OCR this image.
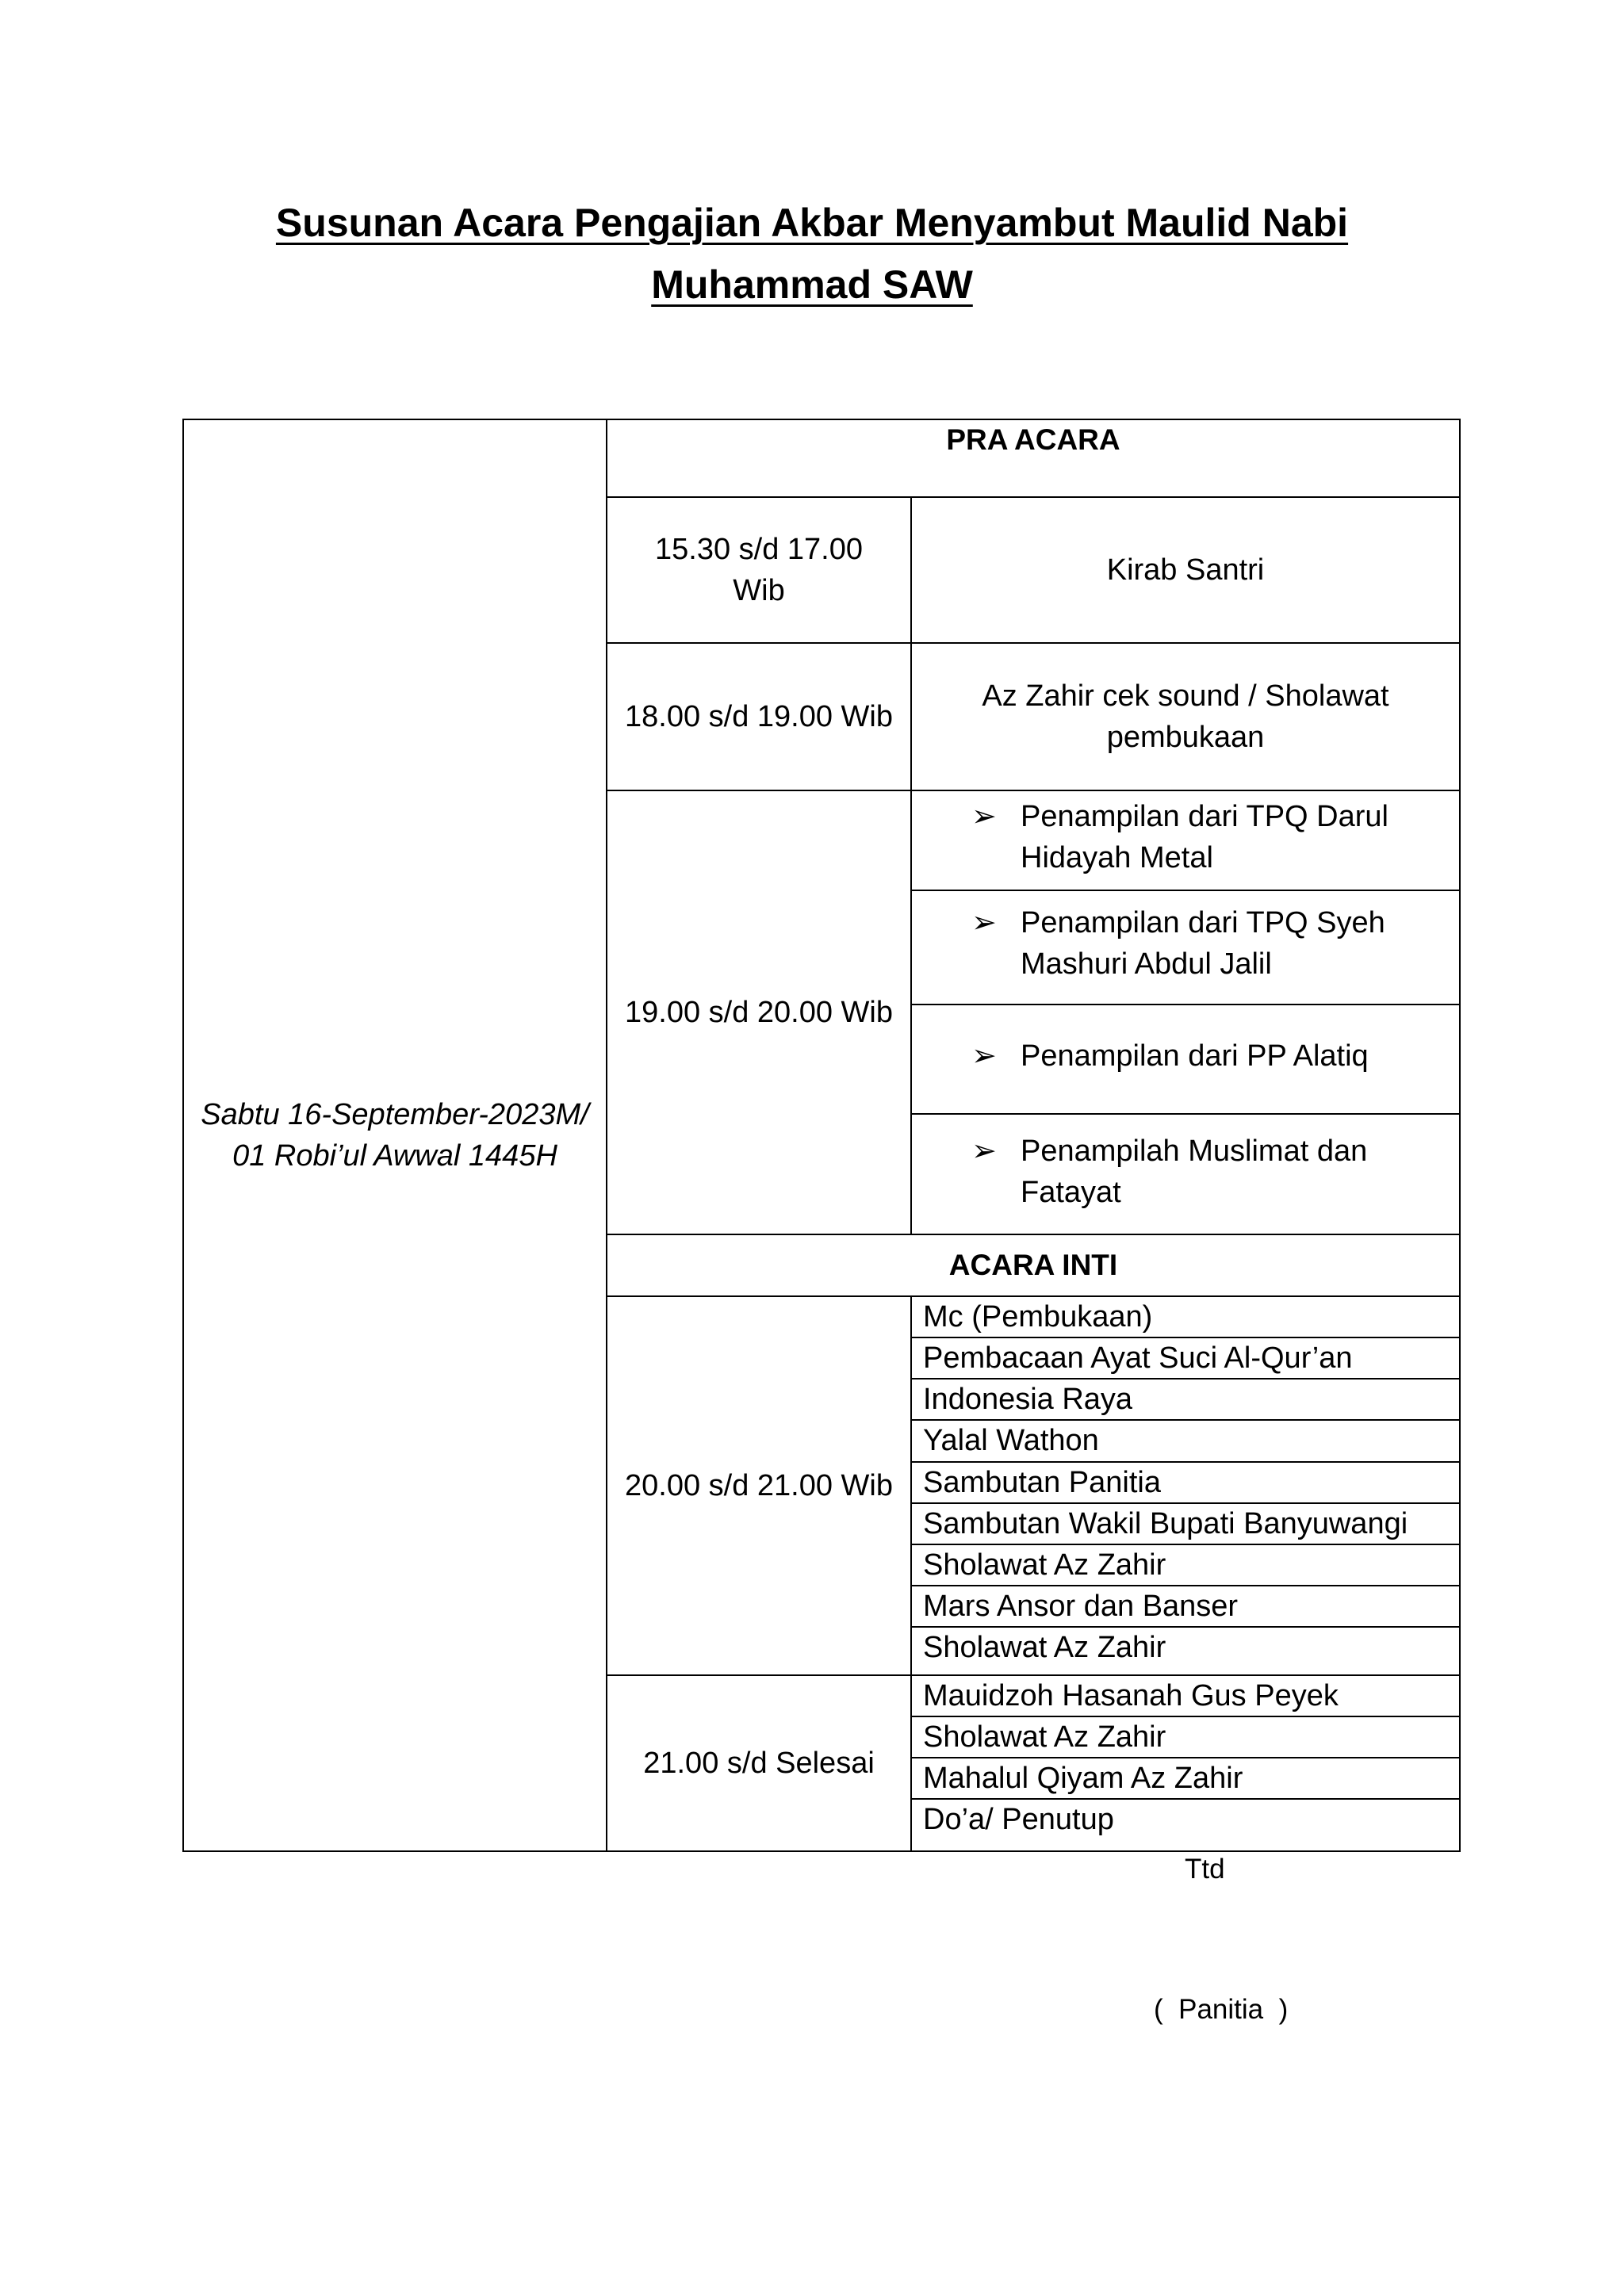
Susunan Acara Pengajian Akbar Menyambut Maulid Nabi
Muhammad SAW
Sabtu 16-September-2023M/
01 Robi’ul Awwal 1445H
PRA ACARA
15.30 s/d 17.00
Wib
Kirab Santri
18.00 s/d 19.00 Wib
Az Zahir cek sound / Sholawat
pembukaan
19.00 s/d 20.00 Wib
➢ Penampilan dari TPQ Darul
Hidayah Metal
➢ Penampilan dari TPQ Syeh
Mashuri Abdul Jalil
➢ Penampilan dari PP Alatiq
➢ Penampilah Muslimat dan
Fatayat
ACARA INTI
20.00 s/d 21.00 Wib
Mc (Pembukaan)
Pembacaan Ayat Suci Al-Qur’an
Indonesia Raya
Yalal Wathon
Sambutan Panitia
Sambutan Wakil Bupati Banyuwangi
Sholawat Az Zahir
Mars Ansor dan Banser
Sholawat Az Zahir
21.00 s/d Selesai
Mauidzoh Hasanah Gus Peyek
Sholawat Az Zahir
Mahalul Qiyam Az Zahir
Do’a/ Penutup
Ttd
(  Panitia  )
